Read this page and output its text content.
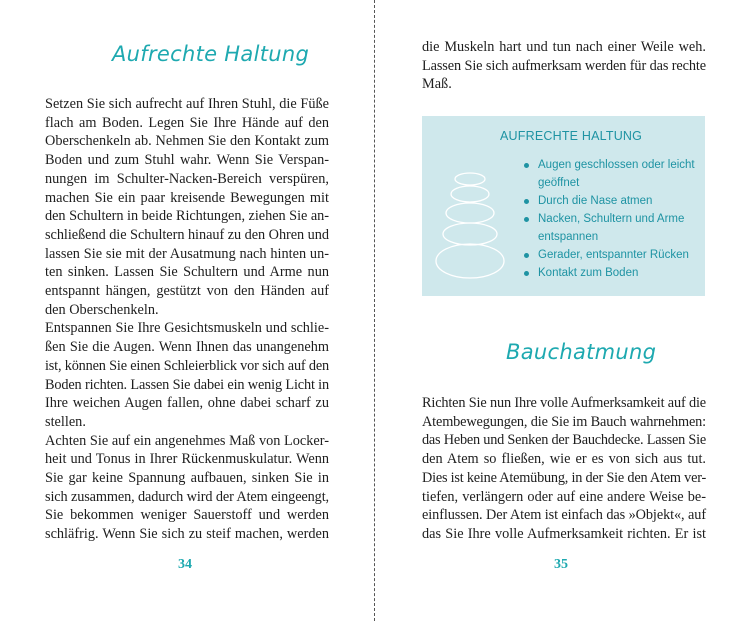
Aufrechte Haltung
Setzen Sie sich aufrecht auf Ihren Stuhl, die Füße
flach am Boden. Legen Sie Ihre Hände auf den
Oberschenkeln ab. Nehmen Sie den Kontakt zum
Boden und zum Stuhl wahr. Wenn Sie Verspan-
nungen im Schulter-Nacken-Bereich verspüren,
machen Sie ein paar kreisende Bewegungen mit
den Schultern in beide Richtungen, ziehen Sie an-
schließend die Schultern hinauf zu den Ohren und
lassen Sie sie mit der Ausatmung nach hinten un-
ten sinken. Lassen Sie Schultern und Arme nun
entspannt hängen, gestützt von den Händen auf
den Oberschenkeln.
Entspannen Sie Ihre Gesichtsmuskeln und schlie-
ßen Sie die Augen. Wenn Ihnen das unangenehm
ist, können Sie einen Schleierblick vor sich auf den
Boden richten. Lassen Sie dabei ein wenig Licht in
Ihre weichen Augen fallen, ohne dabei scharf zu
stellen.
Achten Sie auf ein angenehmes Maß von Locker-
heit und Tonus in Ihrer Rückenmuskulatur. Wenn
Sie gar keine Spannung aufbauen, sinken Sie in
sich zusammen, dadurch wird der Atem eingeengt,
Sie bekommen weniger Sauerstoff und werden
schläfrig. Wenn Sie sich zu steif machen, werden
34
die Muskeln hart und tun nach einer Weile weh.
Lassen Sie sich aufmerksam werden für das rechte
Maß.
AUFRECHTE HALTUNG
Augen geschlossen oder leicht
geöffnet
Durch die Nase atmen
Nacken, Schultern und Arme
entspannen
Gerader, entspannter Rücken
Kontakt zum Boden
Bauchatmung
Richten Sie nun Ihre volle Aufmerksamkeit auf die
Atembewegungen, die Sie im Bauch wahrnehmen:
das Heben und Senken der Bauchdecke. Lassen Sie
den Atem so fließen, wie er es von sich aus tut.
Dies ist keine Atemübung, in der Sie den Atem ver-
tiefen, verlängern oder auf eine andere Weise be-
einflussen. Der Atem ist einfach das »Objekt«, auf
das Sie Ihre volle Aufmerksamkeit richten. Er ist
35
